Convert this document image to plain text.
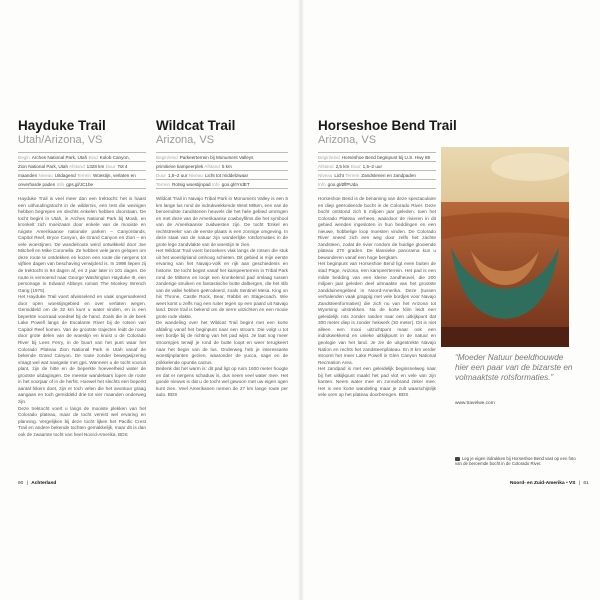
Hayduke Trail
Utah/Arizona, VS
Begin Arches National Park, Utah Eind Kolob Canyon,
Zion National Park, Utah Afstand 1328 km Duur Tot 4
maanden Niveau Uitdagend Terrein Woestijn, verlaten en
onverharde paden Info gps.gl/JC1be

Hayduke Trail is veel meer dan een trektocht: het is haast een uithoudingstocht in de wildernis, een test die weinigen hebben begrepen en slechts enkelen hebben doorstaan. De tocht begint in Utah, in Arches National Park bij Moab, en kronkelt zich moeizaam door enkele van de mooiste en ruigste Amerikaanse nationale parken – Canyonlands, Capitol Reef, Bryce Canyon, de Grand Canyon en Zion – en vele woestijnen. De wandelroute werd ontwikkeld door Joe Mitchell en Mike Coronella. Ze hebben vele jaren gelopen om deze route te ontdekken en kozen een route die nergens tot vijftien dagen van beschaving verwijderd is. In 1998 liepen zij de trektocht in 94 dagen af, en 2 jaar later in 101 dagen. De route is vernoemd naar George Washington Hayduke III, een personage in Edward Abbeys roman The Monkey Wrench Gang (1975).

Het Hayduke Trail voert afwisselend en vaak ongemarkeerd door open woestijngebied en over verlaten wegen. Gemiddeld om de 32 km kunt u water vinden, en is een beperkte voorraad voedsel bij de hand. Zoals die in de beek Lake Powell langs de Escalante River bij de rotsen van Capitol Reef komen. Van de grootste trajecten leidt de route door grote delen van de woestijn en kruist u de Colorado River bij Lees Ferry, in de buurt van het punt waar het Colorado Plateau Zion National Park in Utah vanaf de bekende Grand Canyon. De route zonder bewegwijzering vraagt wel wat navigatie met gps. Wanneer u de tocht vooruit plant, zijn de hitte en de beperkte hoeveelheid water de grootste uitdagingen. De meeste wandelaars lopen de route in het voorjaar of in de herfst. Hoewel het slechts een beperkt aantal hikers doet, zijn er toch velen die het avontuur graag aangaan en toch gemiddeld drie tot vier maanden onderweg zijn.

Deze trektocht voert u langs de mooiste plekken van het Colorado plateau, maar de tocht vereist wel ervaring en planning. Vergelijken bij deze tocht lijken het Pacific Crest Trail en andere bekende tochten gemakkelijk, maar dit is dan ook de zwaarste tocht van heel Noord-Amerika. BDS

Wildcat Trail
Arizona, VS
Begin/eind Parkeerterrein bij Monument Valleys
primitieve kampeerplek Afstand 5 km
Duur 1,5–2 uur Niveau Licht tot middelzwaar
Terrein Rotsig woestijnpad Info goo.gl/IYrdET

Wildcat Trail in Navajo Tribal Park in Monument Valley is een 5 km lange lus rond de indrukwekkende West Mitten, een van de beroemdste zandstenen heuvels die het hele gebied omringen en met deze van de Amerikaanse cowboyfilms die het symbool van de Amerikaanse zuidwesten zijn. De tocht 'Enkel en rechtstreeks' van de eerste plaats is een zonnige omgeving. In deze staat van de natuur zijn wonderlijke rotsformaties in de grote lege zandvlakte van de woestijn te zien.

Het Wildcat Trail voert bezoekers vlak langs de rotsen die stuk uit het woestijnland omhoog schieten. Dit gebied is mijn eerste ervaring van het Navajo-volk en rijk aan geschiedenis en historie. De tocht begint vanaf het kampeerterrein in Tribal Park rond de Mittens en loopt een kronkelend pad omlaag tussen zanderige struiken en fantastische butte dalbergen, die het slib van de vallei hebben geërodeerd, zoals Sentinel Mesa, King on his Throne, Castle Rock, Bear, Rabbit en Stagecoach. Wie weet komt u zelfs nog een ruiter tegen op een paard uit Navajo land. Deze trail is bekend om de verre uitzichten en een mooie grote rode vlakte.

De wandeling over het Wildcat Trail begint met een korte afdaling vanaf het beginpunt naar een stroom. Die volgt u tot een bordje bij de richting van het pad wijst. Je laat nog meer stroompjes terwijl je rond de butte loopt en weer terugkeert naar het begin van de lus. Onderweg heb je interessante woestijnplanten gezien, waaronder de yucca, sage en de prikkelende opuntia cactus.

Bedenk dat het warm is: dit pad ligt op ruim 1600 meter hoogte en dat er nergens schaduw is, dus neem veel water mee. Het goede nieuws is dat u de tocht wel gewoon met uw eigen ogen kunt zien. Veel Amerikanen nemen de 27 km lange route per auto. BDS

Horseshoe Bend Trail
Arizona, VS
Begin/eind Horseshoe Bend beginpunt bij U.S. Hwy 89
Afstand 2,5 km Duur 1,5–2 uur
Niveau Licht Terrein Zandstenen en zandpaden
Info goo.gl/ØfPUda

Horseshoe Bend is de benaming van deze spectaculaire en diep geërodeerde bocht in de Colorado River. Deze bocht ontstond zich 5 miljoen jaar geleden, toen het Colorado Plateau verhees, waardoor de rivieren in dit gebied wenden ingesloten in hun beddingen en een nieuwe, hobbelige loop moesten vinden. De Colorado River sneed zich een weg door zelfs het zachte zandsteen, zodat de rivier rondom de huidige glooiende plateau 270 graden. De klassieke panorama kun u bewonderen vanaf een hoge bergkam.

Het beginpunt van Horseshoe Bend ligt even buiten de stad Page, Arizona, een kampeerterrein. Het pad is een milde bedding van een kleine zandheuvel, die 200 miljoen jaar geleden deel uitmaakte van het grootste zandduinengebied in Noord-Amerika. Deze (tussen verhalenden vaak grappig met vele bordjes voor Navajo Zandsteenformaties) die zich nu van het Arizona tot Wyoming uitstrekken. Na de korte klim leidt een geleidelijk rots zonder randen naar een uitkijkpunt dat 300 meter diep is zonder hekwerk (30 meter). Dit is niet alleen een mooi uitzichtpunt maar ook een indrukwekkend en unieke uitkijkpunt in de natuur en geologie van het land. Je zie de uitgestrekte Navajo Nation en rechts het zandsteenplateau. En 8 km verder stroomt het meer Lake Powell in Glen Canyon National Recreation Area.

Het zandpad is met een geleidelijk beginsnelweg naar bij het uitkijkpunt maakt het pad vlot en vele van zijn kanten. Neem water mee en zonnebrand zeker mee. Het is een korte wandeling maar je zult waarschijnlijk vele uren op het plateau doorbrengen. BDS

“Moeder Natuur beeldhouwde hier een paar van de bizarste en volmaaktste rotsformaties.”
www.travelwe.com
Leg je eigen indrukken bij Horseshoe Bend vast op een foto van de beroemde bocht in de Colorado River.
60 | Achterland	Noord- en Zuid-Amerika • VS | 61
